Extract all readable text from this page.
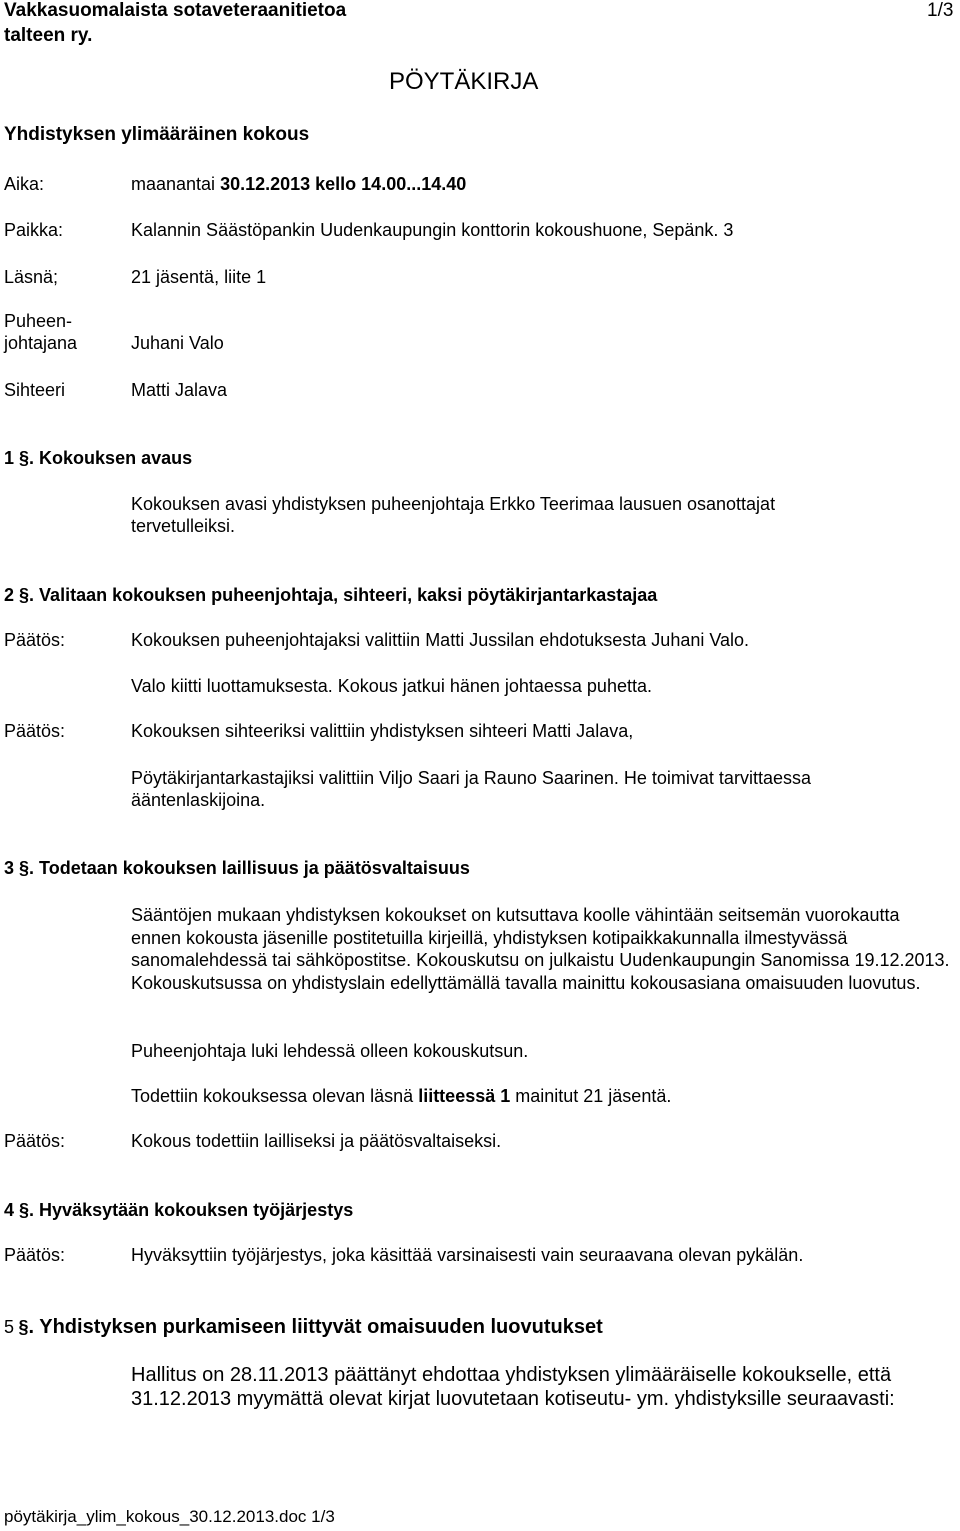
Vakkasuomalaista sotaveteraanitietoa
talteen ry.
1/3
PÖYTÄKIRJA
Yhdistyksen ylimääräinen kokous
Aika:	maanantai 30.12.2013 kello 14.00...14.40
Paikka:	Kalannin Säästöpankin Uudenkaupungin konttorin kokoushuone, Sepänk. 3
Läsnä;	21 jäsentä, liite 1
Puheen-
johtajana	Juhani Valo
Sihteeri	Matti Jalava
1 §. Kokouksen avaus
Kokouksen avasi yhdistyksen puheenjohtaja Erkko Teerimaa lausuen osanottajat tervetulleiksi.
2 §. Valitaan kokouksen puheenjohtaja, sihteeri, kaksi pöytäkirjantarkastajaa
Päätös:	Kokouksen puheenjohtajaksi valittiin Matti Jussilan ehdotuksesta Juhani Valo.
Valo kiitti luottamuksesta. Kokous jatkui hänen johtaessa puhetta.
Päätös:	Kokouksen sihteeriksi valittiin yhdistyksen sihteeri Matti Jalava,
Pöytäkirjantarkastajiksi valittiin Viljo Saari ja Rauno Saarinen. He toimivat tarvittaessa ääntenlaskijoina.
3 §. Todetaan kokouksen laillisuus ja päätösvaltaisuus
Sääntöjen mukaan yhdistyksen kokoukset on kutsuttava koolle vähintään seitsemän vuorokautta ennen kokousta jäsenille postitetuilla kirjeillä, yhdistyksen kotipaikkakunnalla ilmestyvässä sanomalehdessä tai sähköpostitse. Kokouskutsu on julkaistu Uudenkaupungin Sanomissa 19.12.2013. Kokouskutsussa on yhdistyslain edellyttämällä tavalla mainittu kokousasiana omaisuuden luovutus.
Puheenjohtaja luki lehdessä olleen kokouskutsun.
Todettiin kokouksessa olevan läsnä liitteessä 1 mainitut 21 jäsentä.
Päätös:	Kokous todettiin lailliseksi ja päätösvaltaiseksi.
4 §. Hyväksytään kokouksen työjärjestys
Päätös:	Hyväksyttiin työjärjestys, joka käsittää varsinaisesti vain seuraavana olevan pykälän.
5 §. Yhdistyksen purkamiseen liittyvät omaisuuden luovutukset
Hallitus on 28.11.2013 päättänyt ehdottaa yhdistyksen ylimääräiselle kokoukselle, että 31.12.2013 myymättä olevat kirjat luovutetaan kotiseutu- ym. yhdistyksille seuraavasti:
pöytäkirja_ylim_kokous_30.12.2013.doc 1/3
